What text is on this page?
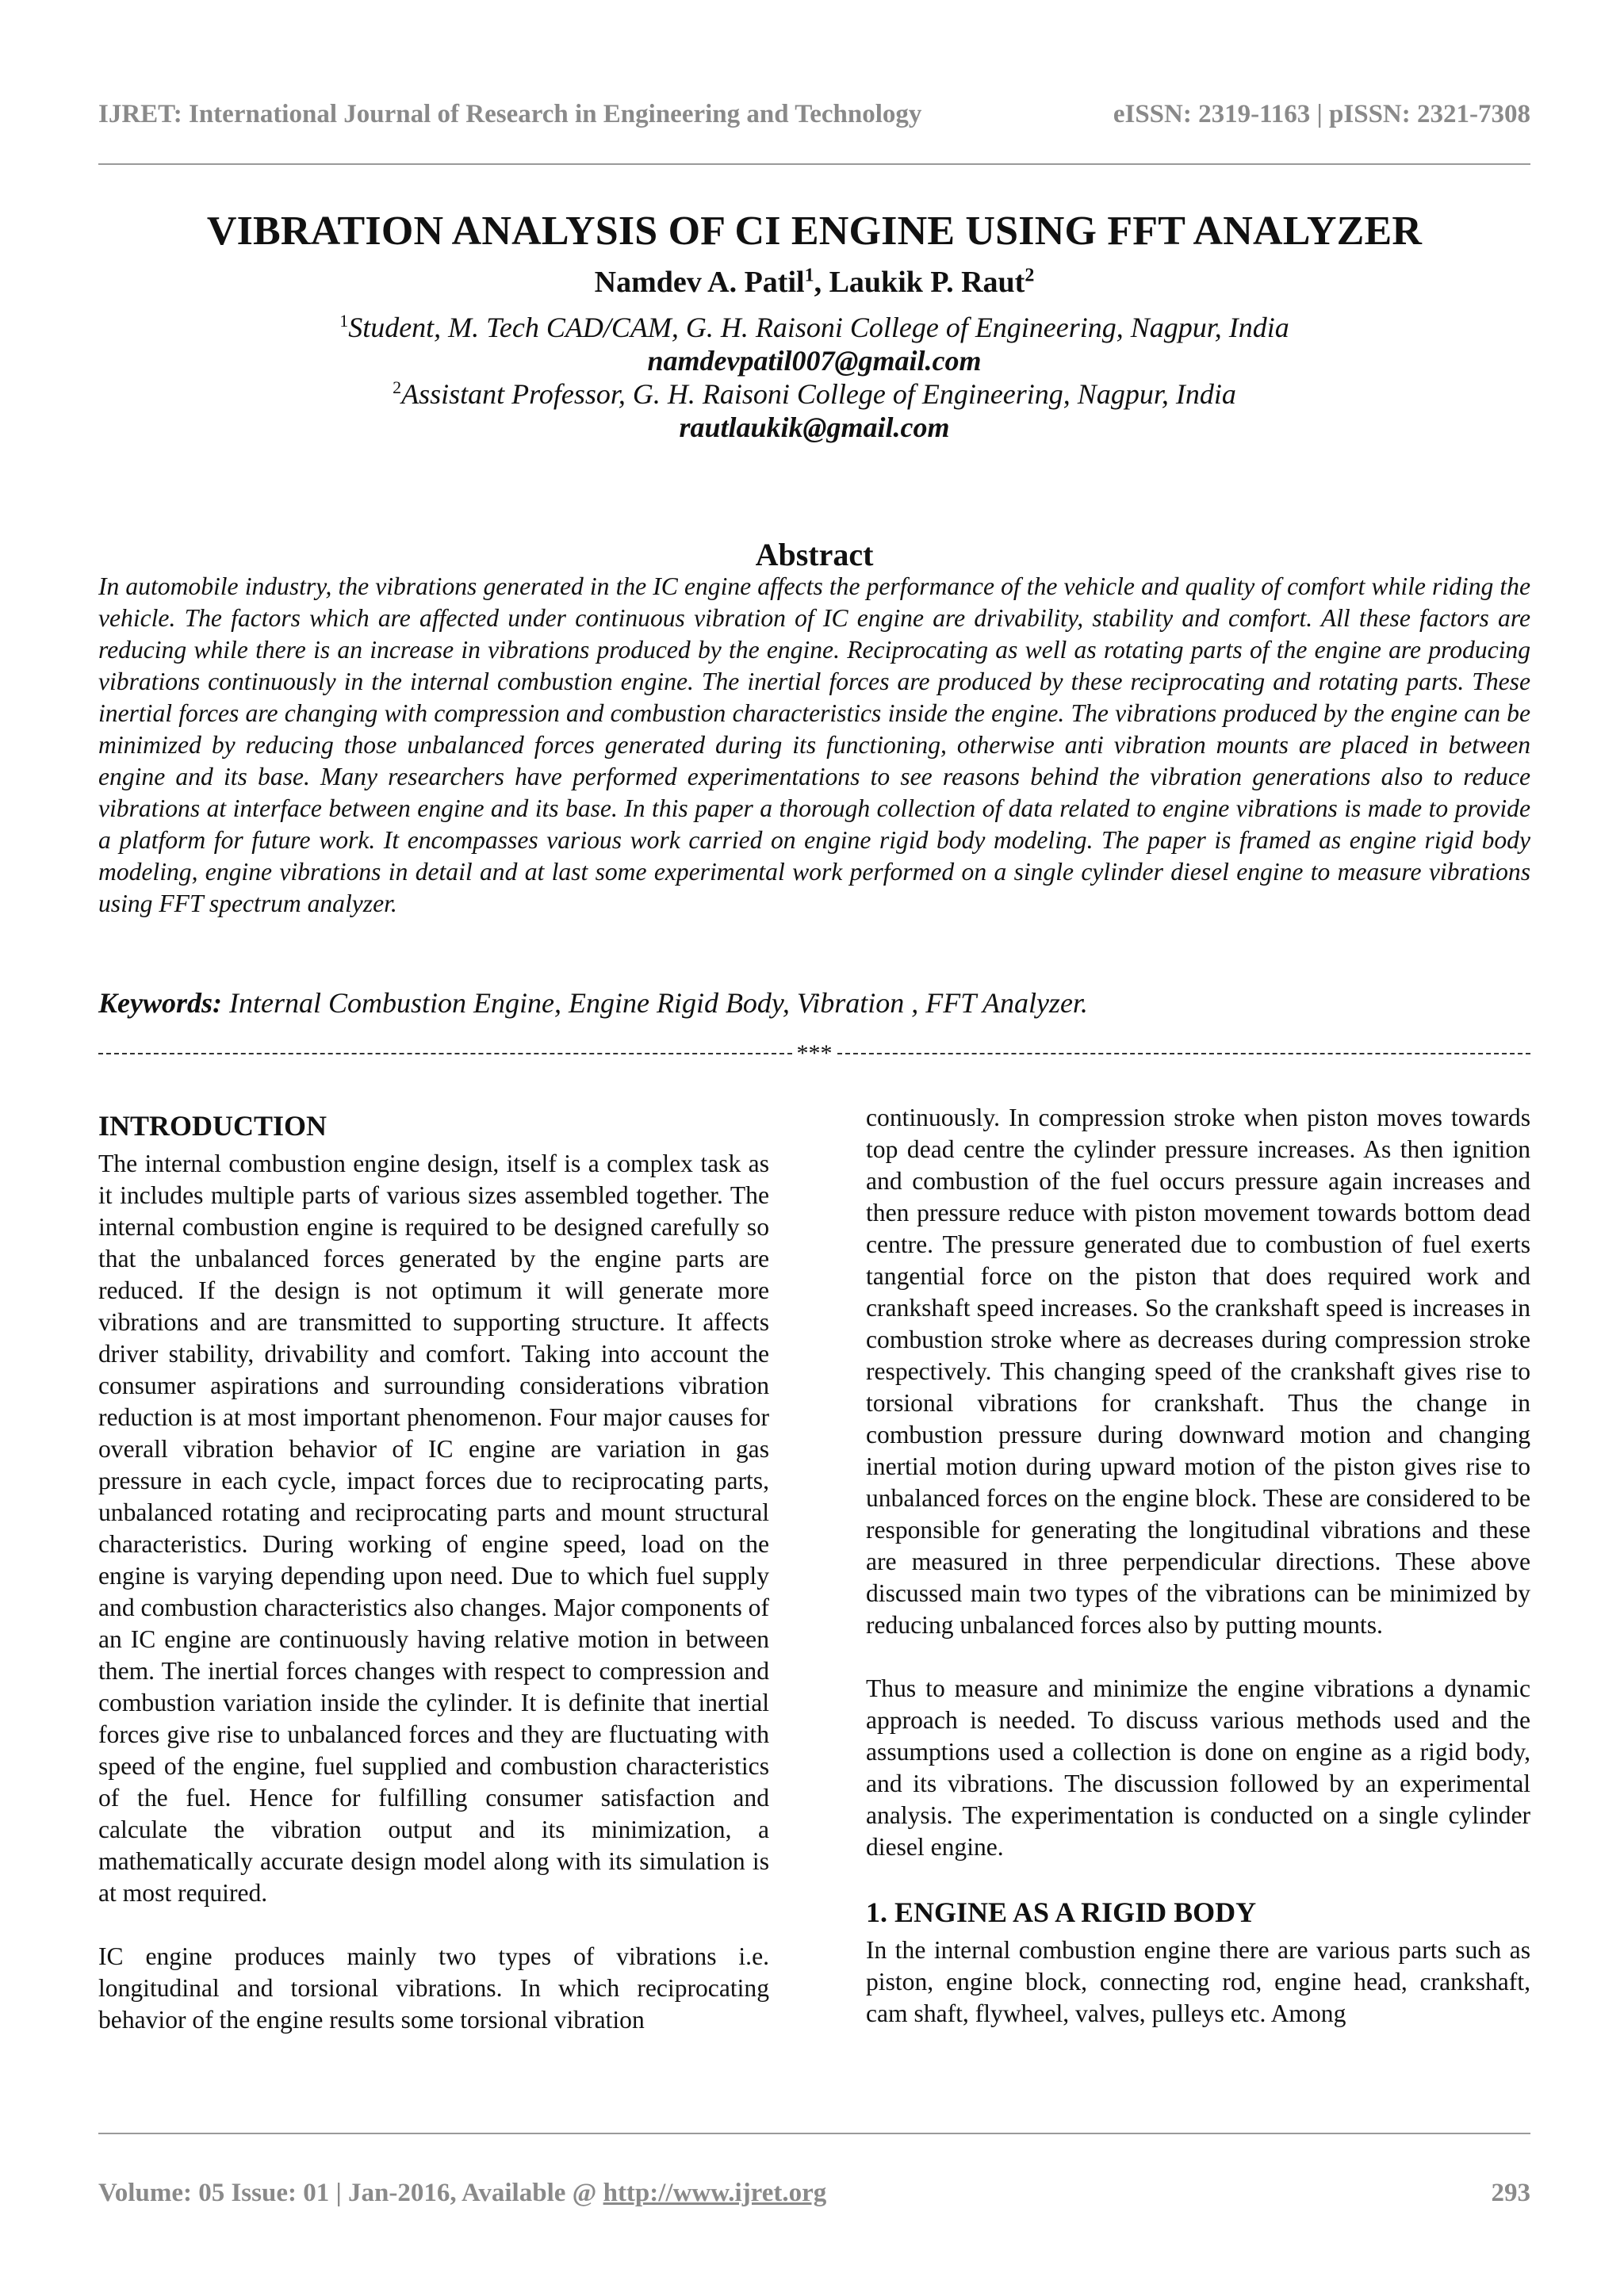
IJRET: International Journal of Research in Engineering and Technology	eISSN: 2319-1163 | pISSN: 2321-7308
VIBRATION ANALYSIS OF CI ENGINE USING FFT ANALYZER
Namdev A. Patil$^1$, Laukik P. Raut$^2$
$^1$Student, M. Tech CAD/CAM, G. H. Raisoni College of Engineering, Nagpur, India
namdevpatil007@gmail.com
$^2$Assistant Professor, G. H. Raisoni College of Engineering, Nagpur, India
rautlaukik@gmail.com
Abstract
In automobile industry, the vibrations generated in the IC engine affects the performance of the vehicle and quality of comfort while riding the vehicle. The factors which are affected under continuous vibration of IC engine are drivability, stability and comfort. All these factors are reducing while there is an increase in vibrations produced by the engine. Reciprocating as well as rotating parts of the engine are producing vibrations continuously in the internal combustion engine. The inertial forces are produced by these reciprocating and rotating parts. These inertial forces are changing with compression and combustion characteristics inside the engine. The vibrations produced by the engine can be minimized by reducing those unbalanced forces generated during its functioning, otherwise anti vibration mounts are placed in between engine and its base. Many researchers have performed experimentations to see reasons behind the vibration generations also to reduce vibrations at interface between engine and its base. In this paper a thorough collection of data related to engine vibrations is made to provide a platform for future work. It encompasses various work carried on engine rigid body modeling. The paper is framed as engine rigid body modeling, engine vibrations in detail and at last some experimental work performed on a single cylinder diesel engine to measure vibrations using FFT spectrum analyzer.
Keywords: Internal Combustion Engine, Engine Rigid Body, Vibration , FFT Analyzer.
***
INTRODUCTION

The internal combustion engine design, itself is a complex task as it includes multiple parts of various sizes assembled together. The internal combustion engine is required to be designed carefully so that the unbalanced forces generated by the engine parts are reduced. If the design is not optimum it will generate more vibrations and are transmitted to supporting structure. It affects driver stability, drivability and comfort. Taking into account the consumer aspirations and surrounding considerations vibration reduction is at most important phenomenon. Four major causes for overall vibration behavior of IC engine are variation in gas pressure in each cycle, impact forces due to reciprocating parts, unbalanced rotating and reciprocating parts and mount structural characteristics. During working of engine speed, load on the engine is varying depending upon need. Due to which fuel supply and combustion characteristics also changes. Major components of an IC engine are continuously having relative motion in between them. The inertial forces changes with respect to compression and combustion variation inside the cylinder. It is definite that inertial forces give rise to unbalanced forces and they are fluctuating with speed of the engine, fuel supplied and combustion characteristics of the fuel. Hence for fulfilling consumer satisfaction and calculate the vibration output and its minimization, a mathematically accurate design model along with its simulation is at most required.

IC engine produces mainly two types of vibrations i.e. longitudinal and torsional vibrations. In which reciprocating behavior of the engine results some torsional vibration

continuously. In compression stroke when piston moves towards top dead centre the cylinder pressure increases. As then ignition and combustion of the fuel occurs pressure again increases and then pressure reduce with piston movement towards bottom dead centre. The pressure generated due to combustion of fuel exerts tangential force on the piston that does required work and crankshaft speed increases. So the crankshaft speed is increases in combustion stroke where as decreases during compression stroke respectively. This changing speed of the crankshaft gives rise to torsional vibrations for crankshaft. Thus the change in combustion pressure during downward motion and changing inertial motion during upward motion of the piston gives rise to unbalanced forces on the engine block. These are considered to be responsible for generating the longitudinal vibrations and these are measured in three perpendicular directions. These above discussed main two types of the vibrations can be minimized by reducing unbalanced forces also by putting mounts.

Thus to measure and minimize the engine vibrations a dynamic approach is needed. To discuss various methods used and the assumptions used a collection is done on engine as a rigid body, and its vibrations. The discussion followed by an experimental analysis. The experimentation is conducted on a single cylinder diesel engine.

1. ENGINE AS A RIGID BODY

In the internal combustion engine there are various parts such as piston, engine block, connecting rod, engine head, crankshaft, cam shaft, flywheel, valves, pulleys etc. Among

Volume: 05 Issue: 01 | Jan-2016, Available @ http://www.ijret.org	293
